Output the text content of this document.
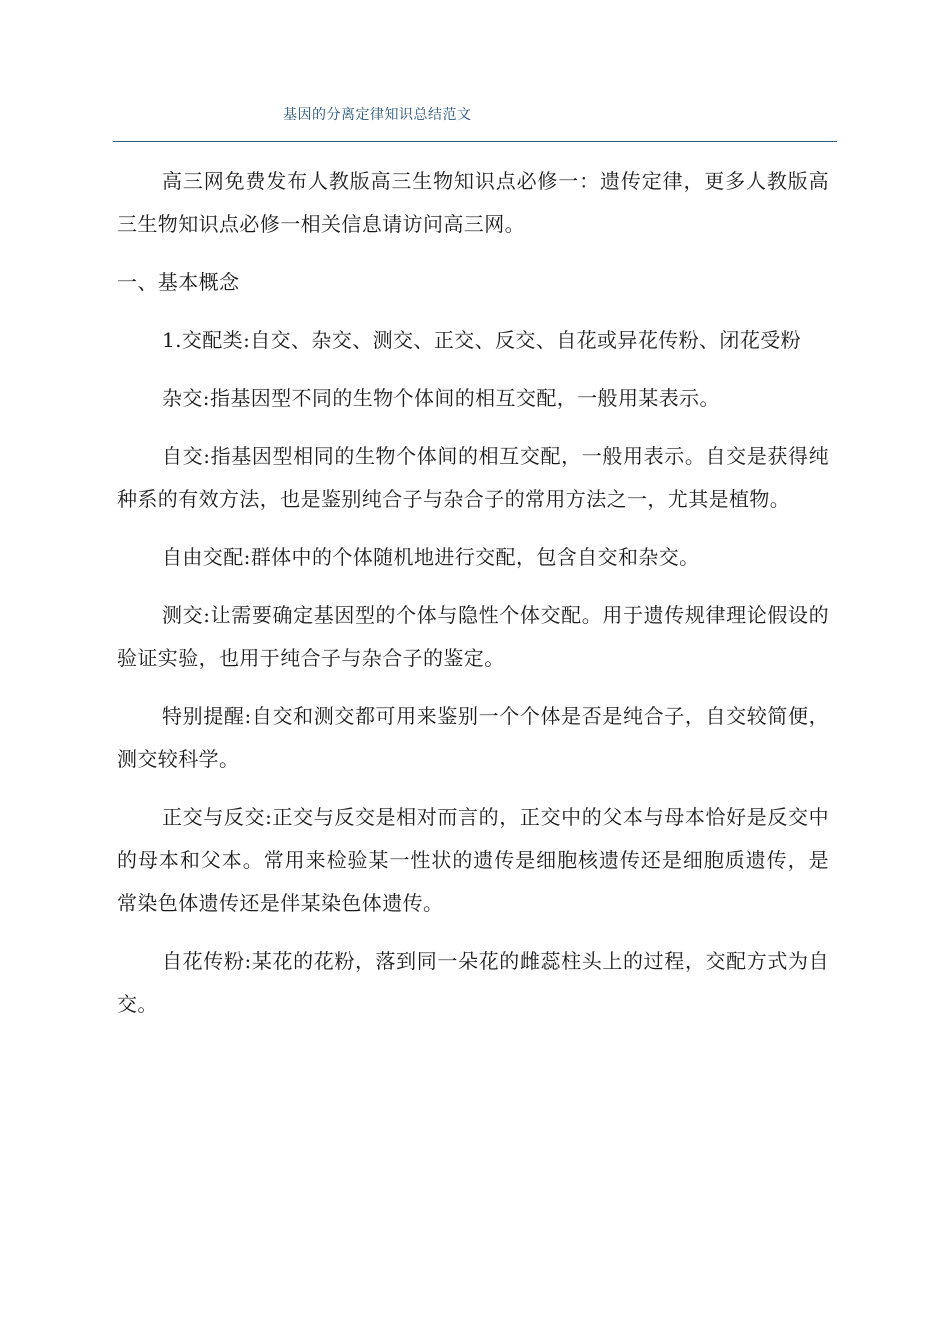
基因的分离定律知识总结范文

高三网免费发布人教版高三生物知识点必修一：遗传定律，更多人教版高三生物知识点必修一相关信息请访问高三网。

一、基本概念

1.交配类:自交、杂交、测交、正交、反交、自花或异花传粉、闭花受粉

杂交:指基因型不同的生物个体间的相互交配，一般用某表示。

自交:指基因型相同的生物个体间的相互交配，一般用表示。自交是获得纯种系的有效方法，也是鉴别纯合子与杂合子的常用方法之一，尤其是植物。

自由交配:群体中的个体随机地进行交配，包含自交和杂交。

测交:让需要确定基因型的个体与隐性个体交配。用于遗传规律理论假设的验证实验，也用于纯合子与杂合子的鉴定。

特别提醒:自交和测交都可用来鉴别一个个体是否是纯合子，自交较简便，测交较科学。

正交与反交:正交与反交是相对而言的，正交中的父本与母本恰好是反交中的母本和父本。常用来检验某一性状的遗传是细胞核遗传还是细胞质遗传，是常染色体遗传还是伴某染色体遗传。

自花传粉:某花的花粉，落到同一朵花的雌蕊柱头上的过程，交配方式为自交。
